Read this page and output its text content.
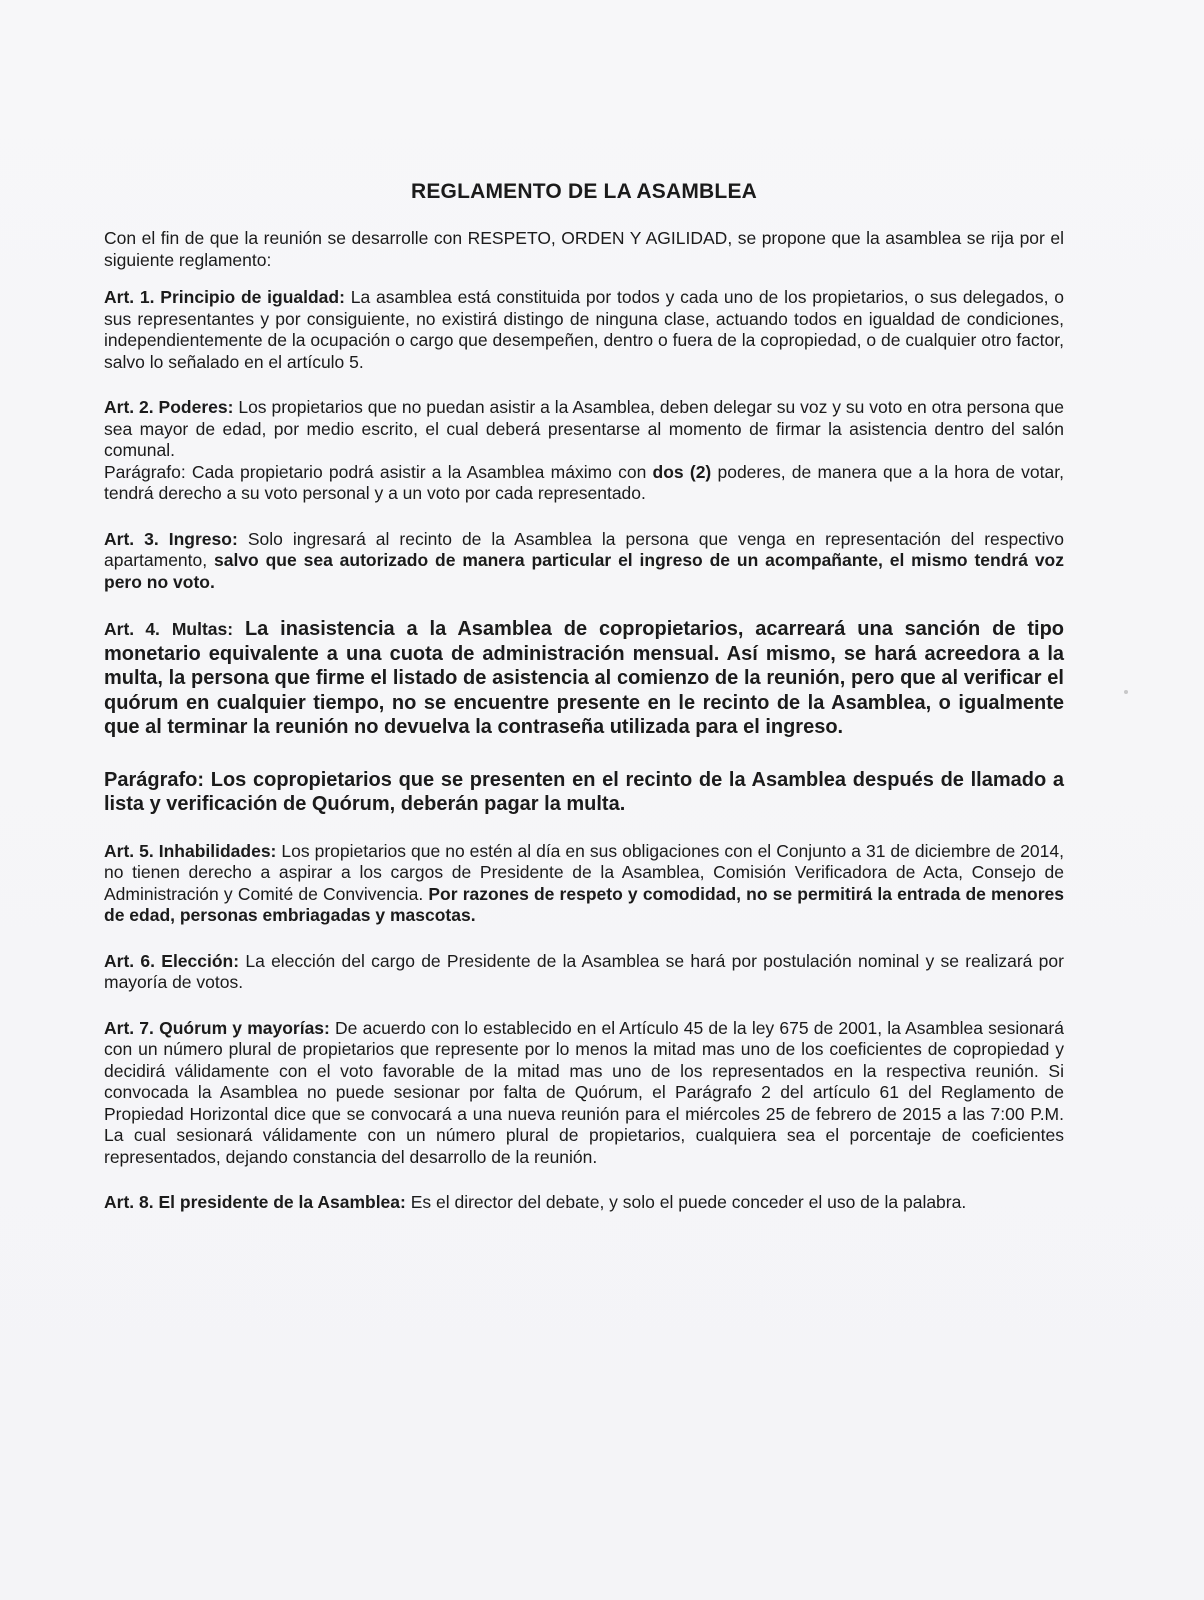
REGLAMENTO DE LA ASAMBLEA

Con el fin de que la reunión se desarrolle con RESPETO, ORDEN Y AGILIDAD, se propone que la asamblea se rija por el siguiente reglamento:

Art. 1. Principio de igualdad: La asamblea está constituida por todos y cada uno de los propietarios, o sus delegados, o sus representantes y por consiguiente, no existirá distingo de ninguna clase, actuando todos en igualdad de condiciones, independientemente de la ocupación o cargo que desempeñen, dentro o fuera de la copropiedad, o de cualquier otro factor, salvo lo señalado en el artículo 5.

Art. 2. Poderes: Los propietarios que no puedan asistir a la Asamblea, deben delegar su voz y su voto en otra persona que sea mayor de edad, por medio escrito, el cual deberá presentarse al momento de firmar la asistencia dentro del salón comunal.

Parágrafo: Cada propietario podrá asistir a la Asamblea máximo con dos (2) poderes, de manera que a la hora de votar, tendrá derecho a su voto personal y a un voto por cada representado.

Art. 3. Ingreso: Solo ingresará al recinto de la Asamblea la persona que venga en representación del respectivo apartamento, salvo que sea autorizado de manera particular el ingreso de un acompañante, el mismo tendrá voz pero no voto.

Art. 4. Multas: La inasistencia a la Asamblea de copropietarios, acarreará una sanción de tipo monetario equivalente a una cuota de administración mensual. Así mismo, se hará acreedora a la multa, la persona que firme el listado de asistencia al comienzo de la reunión, pero que al verificar el quórum en cualquier tiempo, no se encuentre presente en le recinto de la Asamblea, o igualmente que al terminar la reunión no devuelva la contraseña utilizada para el ingreso.

Parágrafo: Los copropietarios que se presenten en el recinto de la Asamblea después de llamado a lista y verificación de Quórum, deberán pagar la multa.

Art. 5. Inhabilidades: Los propietarios que no estén al día en sus obligaciones con el Conjunto a 31 de diciembre de 2014, no tienen derecho a aspirar a los cargos de Presidente de la Asamblea, Comisión Verificadora de Acta, Consejo de Administración y Comité de Convivencia. Por razones de respeto y comodidad, no se permitirá la entrada de menores de edad, personas embriagadas y mascotas.

Art. 6. Elección: La elección del cargo de Presidente de la Asamblea se hará por postulación nominal y se realizará por mayoría de votos.

Art. 7. Quórum y mayorías: De acuerdo con lo establecido en el Artículo 45 de la ley 675 de 2001, la Asamblea sesionará con un número plural de propietarios que represente por lo menos la mitad mas uno de los coeficientes de copropiedad y decidirá válidamente con el voto favorable de la mitad mas uno de los representados en la respectiva reunión. Si convocada la Asamblea no puede sesionar por falta de Quórum, el Parágrafo 2 del artículo 61 del Reglamento de Propiedad Horizontal dice que se convocará a una nueva reunión para el miércoles 25 de febrero de 2015 a las 7:00 P.M. La cual sesionará válidamente con un número plural de propietarios, cualquiera sea el porcentaje de coeficientes representados, dejando constancia del desarrollo de la reunión.

Art. 8. El presidente de la Asamblea: Es el director del debate, y solo el puede conceder el uso de la palabra.
